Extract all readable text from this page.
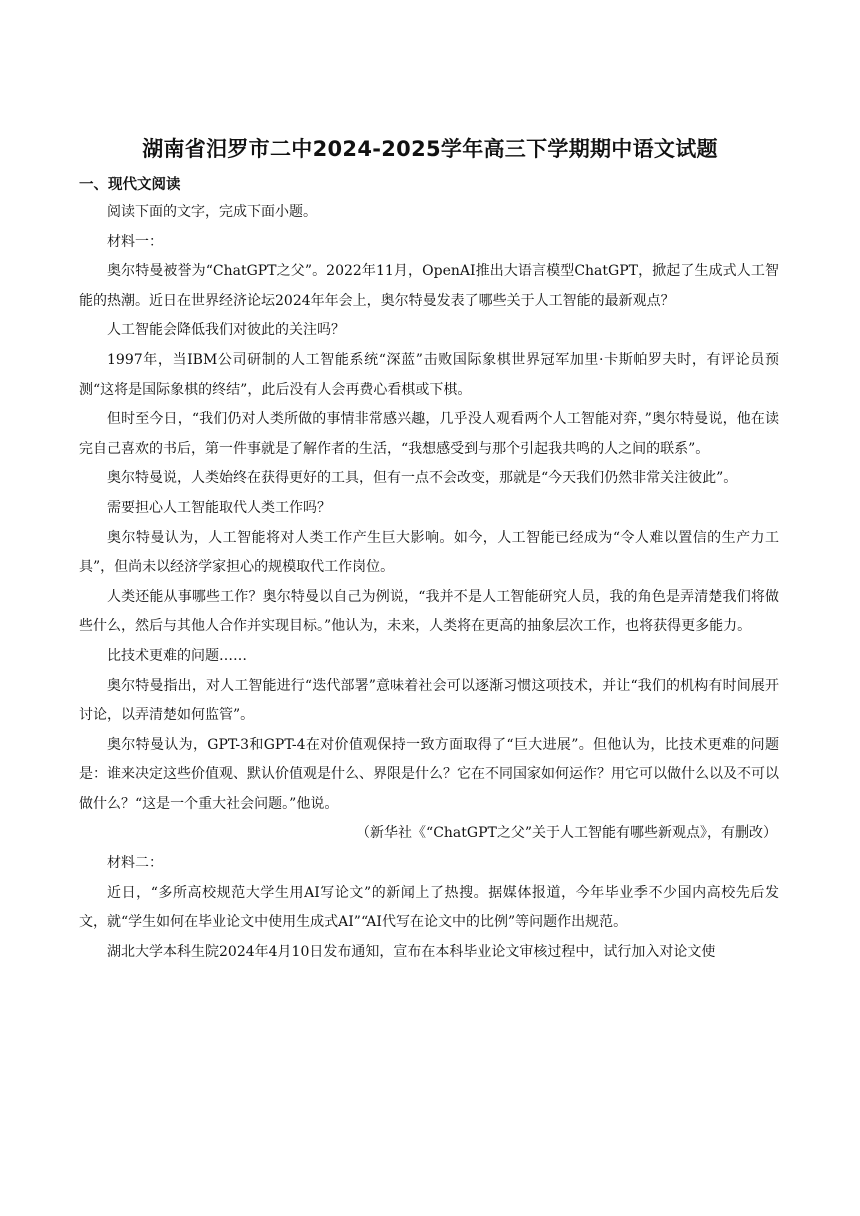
湖南省汨罗市二中2024-2025学年高三下学期期中语文试题
一、现代文阅读

阅读下面的文字，完成下面小题。

材料一：

奥尔特曼被誉为“ChatGPT之父”。2022年11月，OpenAI推出大语言模型ChatGPT，掀起了生成式人工智能的热潮。近日在世界经济论坛2024年年会上，奥尔特曼发表了哪些关于人工智能的最新观点？

人工智能会降低我们对彼此的关注吗？

1997年，当IBM公司研制的人工智能系统“深蓝”击败国际象棋世界冠军加里·卡斯帕罗夫时，有评论员预测“这将是国际象棋的终结”，此后没有人会再费心看棋或下棋。

但时至今日，“我们仍对人类所做的事情非常感兴趣，几乎没人观看两个人工智能对弈，”奥尔特曼说，他在读完自己喜欢的书后，第一件事就是了解作者的生活，“我想感受到与那个引起我共鸣的人之间的联系”。

奥尔特曼说，人类始终在获得更好的工具，但有一点不会改变，那就是“今天我们仍然非常关注彼此”。

需要担心人工智能取代人类工作吗？

奥尔特曼认为，人工智能将对人类工作产生巨大影响。如今，人工智能已经成为“令人难以置信的生产力工具”，但尚未以经济学家担心的规模取代工作岗位。

人类还能从事哪些工作？奥尔特曼以自己为例说，“我并不是人工智能研究人员，我的角色是弄清楚我们将做些什么，然后与其他人合作并实现目标。”他认为，未来，人类将在更高的抽象层次工作，也将获得更多能力。

比技术更难的问题……

奥尔特曼指出，对人工智能进行“迭代部署”意味着社会可以逐渐习惯这项技术，并让“我们的机构有时间展开讨论，以弄清楚如何监管”。

奥尔特曼认为，GPT-3和GPT-4在对价值观保持一致方面取得了“巨大进展”。但他认为，比技术更难的问题是：谁来决定这些价值观、默认价值观是什么、界限是什么？它在不同国家如何运作？用它可以做什么以及不可以做什么？“这是一个重大社会问题。”他说。

（新华社《“ChatGPT之父”关于人工智能有哪些新观点》，有删改）

材料二：

近日，“多所高校规范大学生用AI写论文”的新闻上了热搜。据媒体报道，今年毕业季不少国内高校先后发文，就“学生如何在毕业论文中使用生成式AI”“AI代写在论文中的比例”等问题作出规范。

湖北大学本科生院2024年4月10日发布通知，宣布在本科毕业论文审核过程中，试行加入对论文使
